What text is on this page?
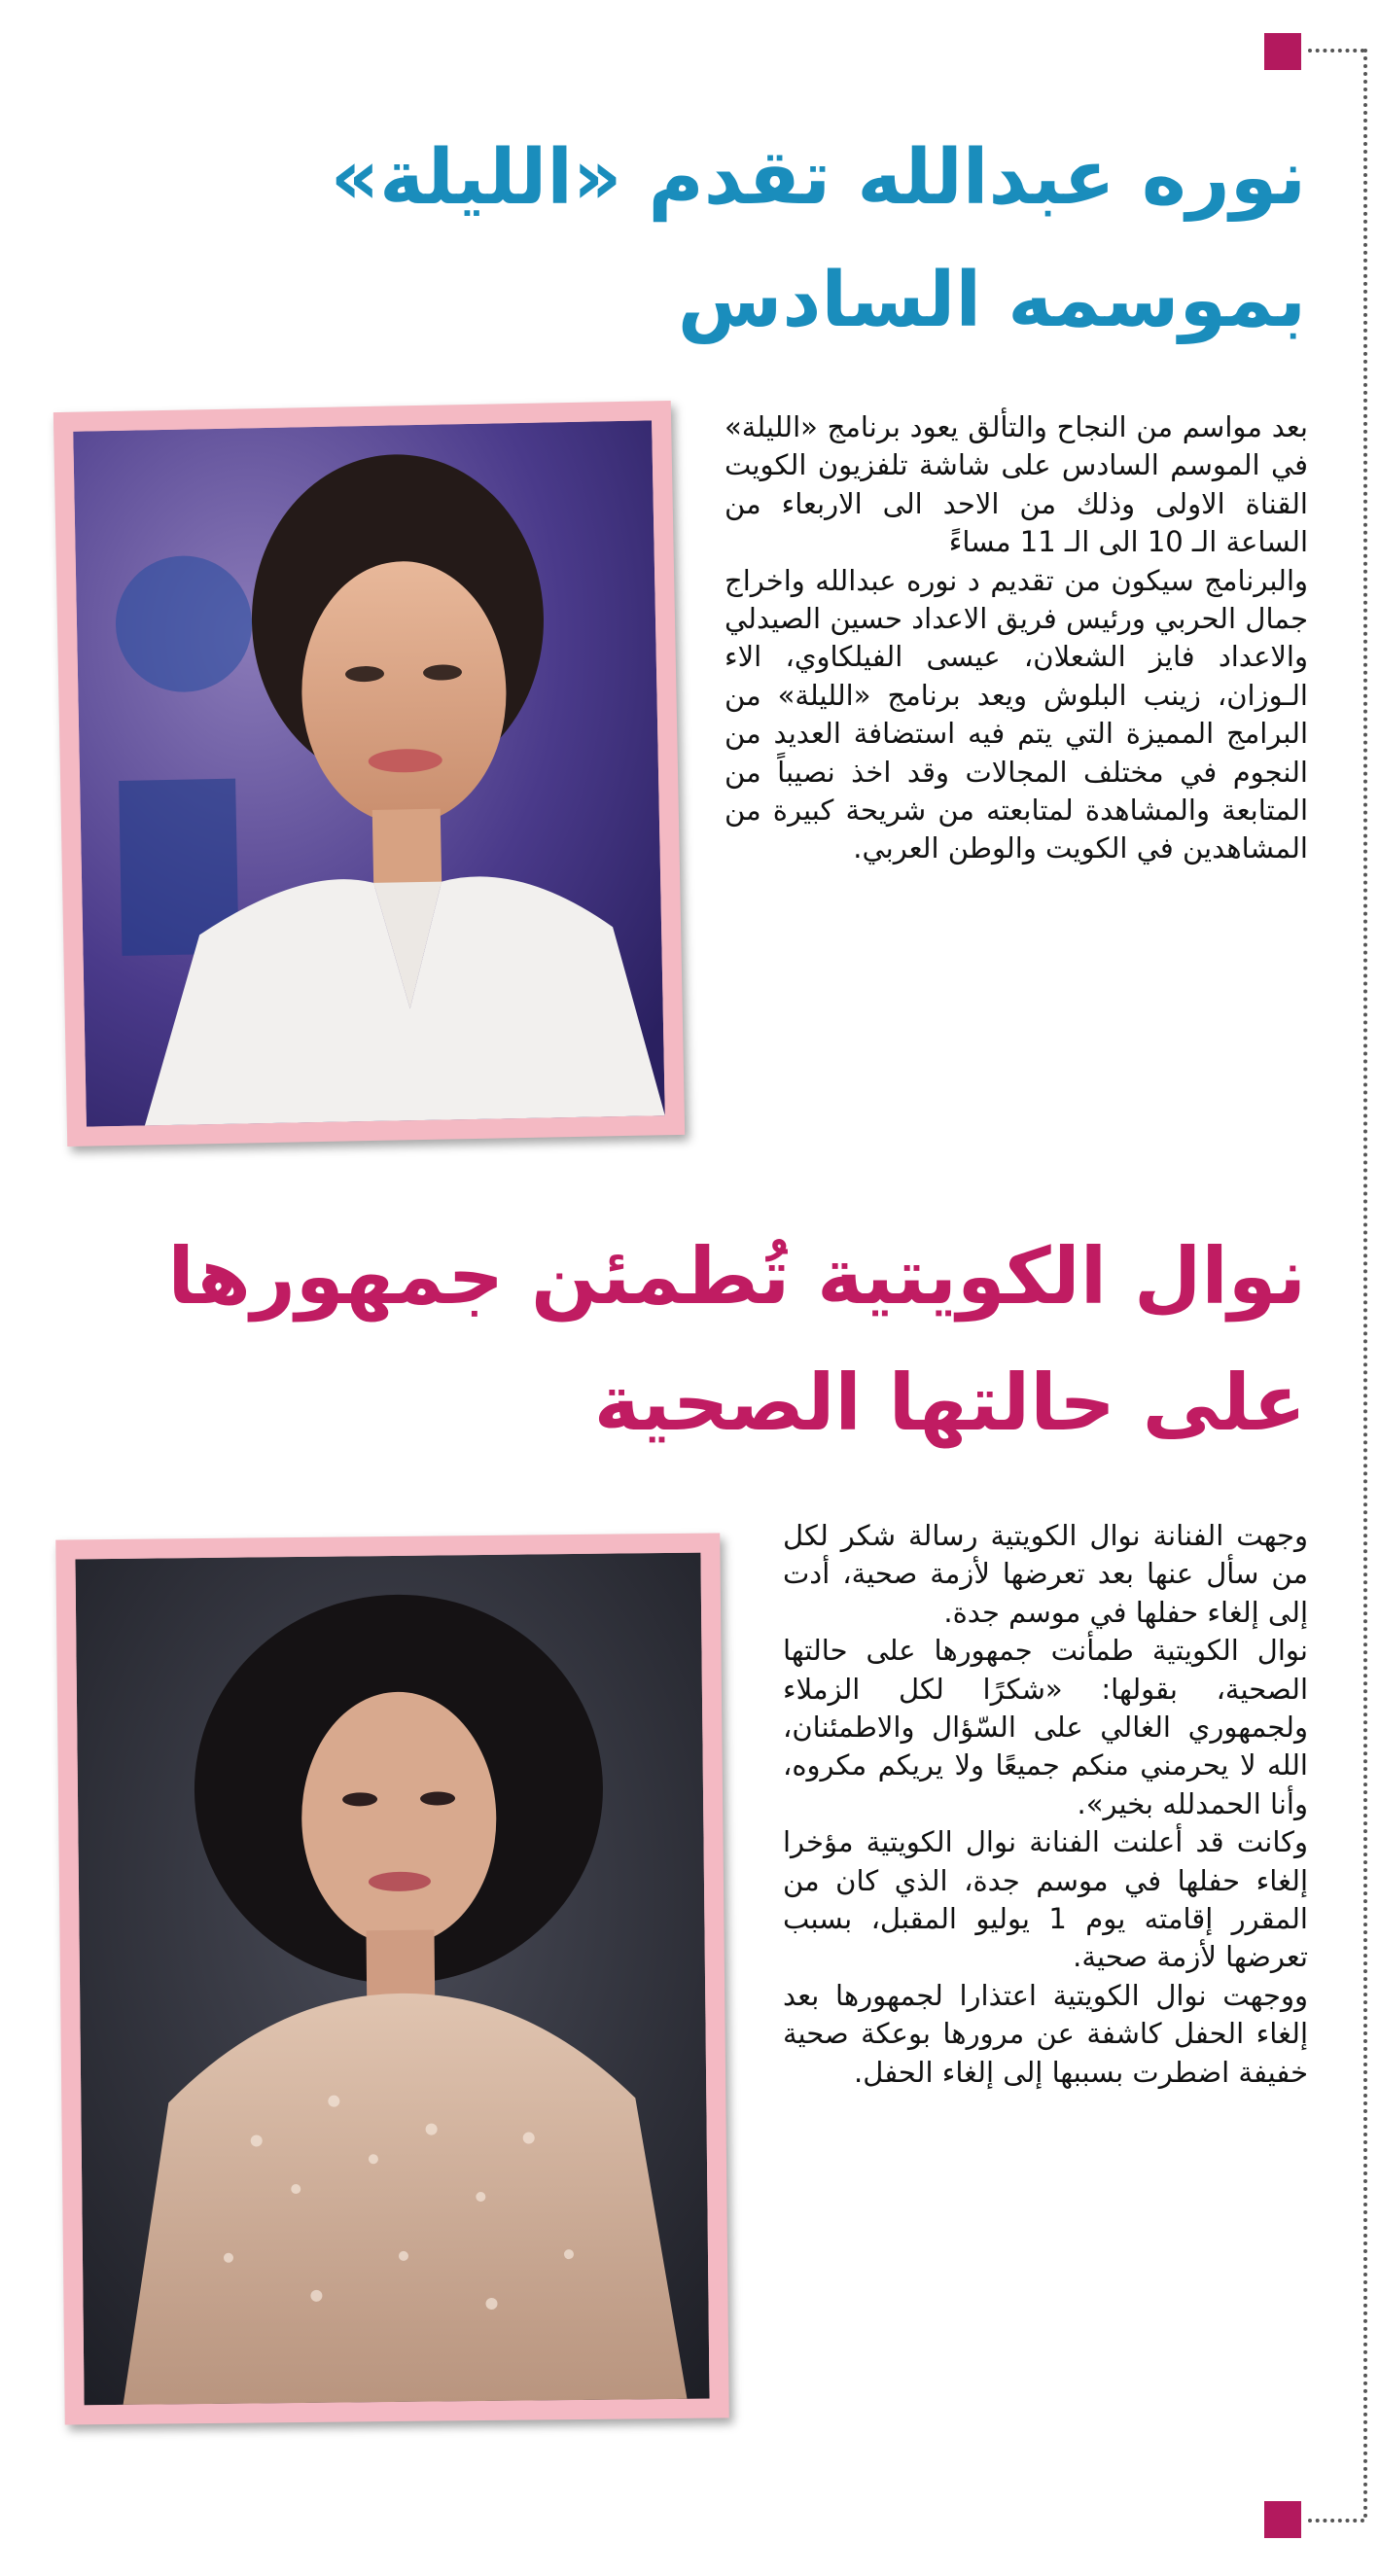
نوره عبدالله تقدم «الليلة»
بموسمه السادس

بعد مواسم من النجاح والتألق يعود برنامج «الليلة» في الموسم السادس على شاشة تلفزيون الكويت القناة الاولى وذلك من الاحد الى الاربعاء من الساعة الـ 10 الى الـ 11 مساءً

والبرنامج سيكون من تقديم د نوره عبدالله واخراج جمال الحربي ورئيس فريق الاعداد حسين الصيدلي والاعداد فايز الشعلان، عيسى الفيلكاوي، الاء الـوزان، زينب البلوش ويعد برنامج «الليلة» من البرامج المميزة التي يتم فيه استضافة العديد من النجوم في مختلف المجالات وقد اخذ نصيباً من المتابعة والمشاهدة لمتابعته من شريحة كبيرة من المشاهدين في الكويت والوطن العربي.

نوال الكويتية تُطمئن جمهورها
على حالتها الصحية

وجهت الفنانة نوال الكويتية رسالة شكر لكل من سأل عنها بعد تعرضها لأزمة صحية، أدت إلى إلغاء حفلها في موسم جدة.

نوال الكويتية طمأنت جمهورها على حالتها الصحية، بقولها: «شكرًا لكل الزملاء ولجمهوري الغالي على السّؤال والاطمئنان، الله لا يحرمني منكم جميعًا ولا يريكم مكروه، وأنا الحمدلله بخير».

وكانت قد أعلنت الفنانة نوال الكويتية مؤخرا إلغاء حفلها في موسم جدة، الذي كان من المقرر إقامته يوم 1 يوليو المقبل، بسبب تعرضها لأزمة صحية.

ووجهت نوال الكويتية اعتذارا لجمهورها بعد إلغاء الحفل كاشفة عن مرورها بوعكة صحية خفيفة اضطرت بسببها إلى إلغاء الحفل.
